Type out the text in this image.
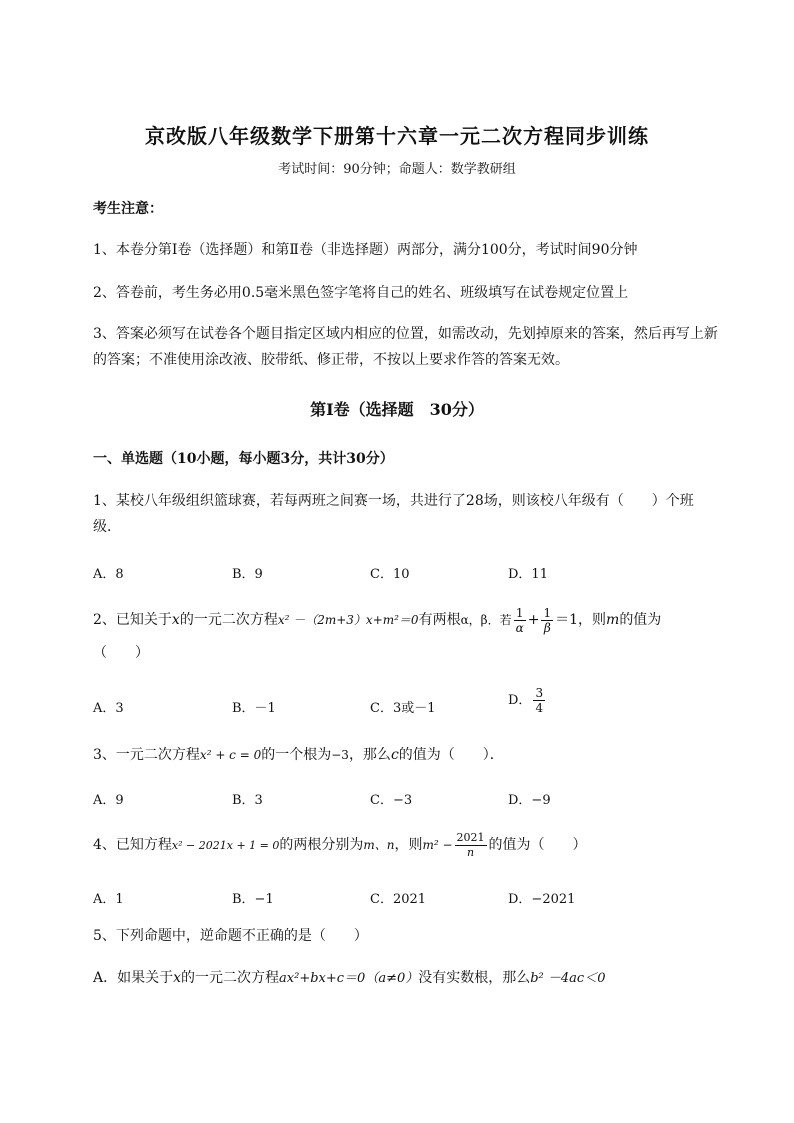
京改版八年级数学下册第十六章一元二次方程同步训练
考试时间：90分钟；命题人：数学教研组
考生注意：
1、本卷分第Ⅰ卷（选择题）和第Ⅱ卷（非选择题）两部分，满分100分，考试时间90分钟
2、答卷前，考生务必用0.5毫米黑色签字笔将自己的姓名、班级填写在试卷规定位置上
3、答案必须写在试卷各个题目指定区域内相应的位置，如需改动，先划掉原来的答案，然后再写上新
的答案；不准使用涂改液、胶带纸、修正带，不按以上要求作答的答案无效。
第Ⅰ卷（选择题　30分）
一、单选题（10小题，每小题3分，共计30分）
1、某校八年级组织篮球赛，若每两班之间赛一场，共进行了28场，则该校八年级有（　　）个班
级．
A．8	B．9	C．10	D．11
2、已知关于x的一元二次方程x² －（2m+3）x+m²＝0有两根α，β．若 $\frac{1}{\alpha} + \frac{1}{\beta} =1$，则m的值为
（　　）
A．3	B．－1	C．3或－1
D． $\frac{3}{4}$
3、一元二次方程x² + c = 0的一个根为−3，那么c的值为（　　）．
A．9	B．3	C．−3	D．−9
4、已知方程x² − 2021x + 1 = 0的两根分别为m、n，则$m^2 - \frac{2021}{n}$ 的值为（　　）
A．1	B．−1	C．2021	D．−2021
5、下列命题中，逆命题不正确的是（　　）
A．如果关于x的一元二次方程ax²+bx+c＝0（a≠0）没有实数根，那么b² －4ac＜0
